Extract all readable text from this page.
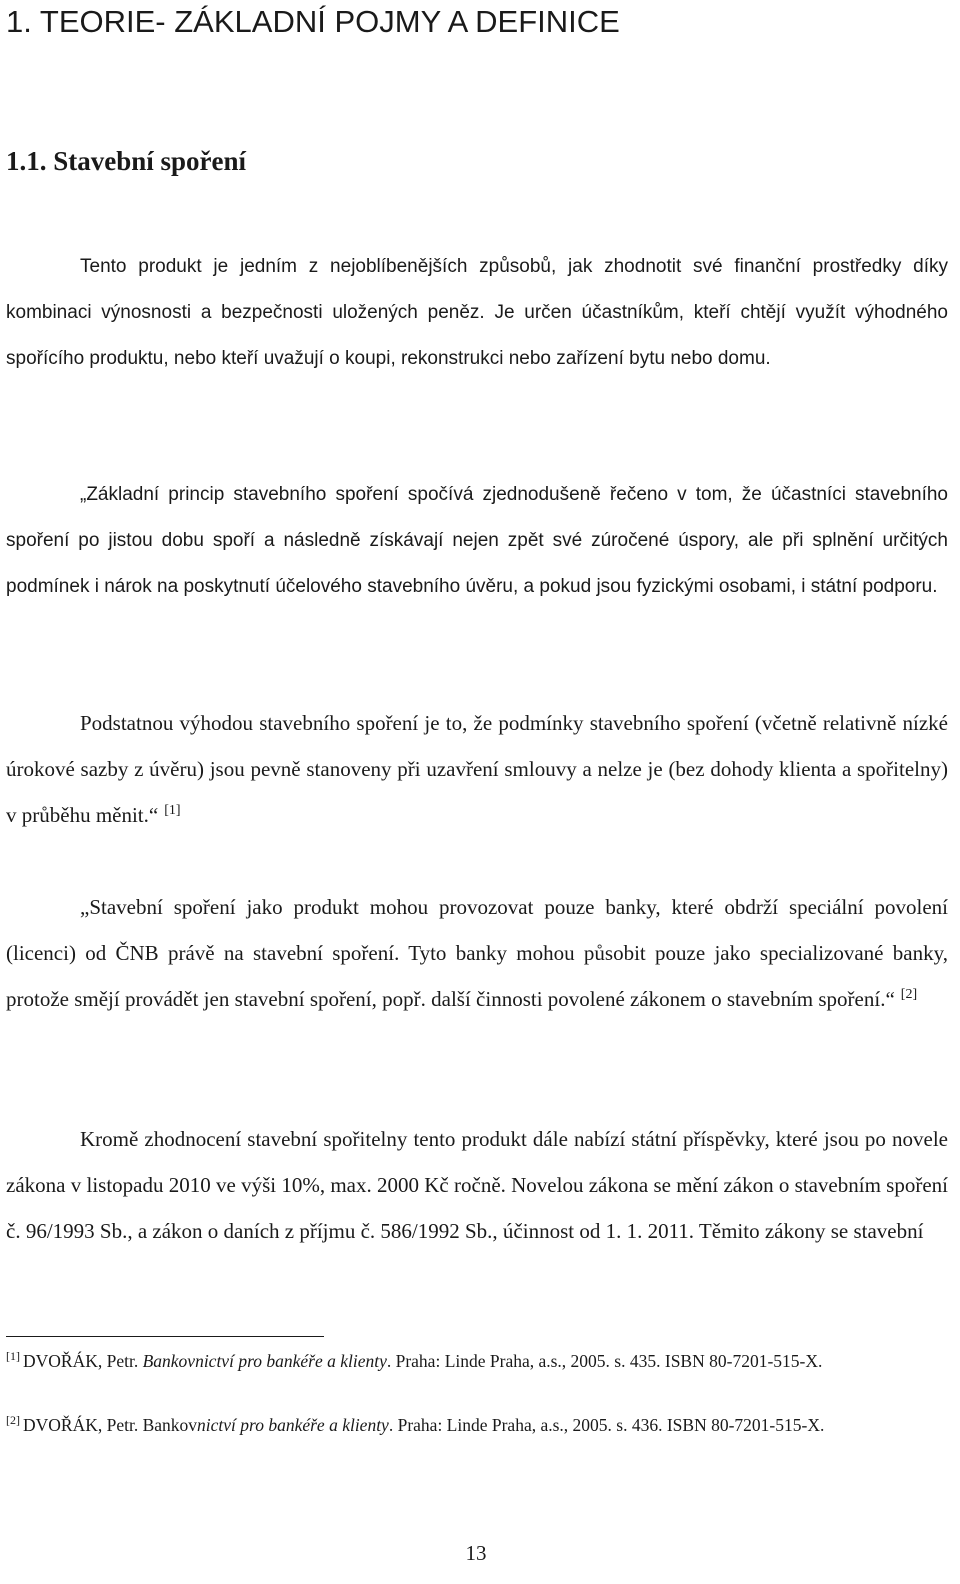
1. TEORIE- ZÁKLADNÍ POJMY A DEFINICE
1.1. Stavební spoření

Tento produkt je jedním z nejoblíbenějších způsobů, jak zhodnotit své finanční prostředky díky kombinaci výnosnosti a bezpečnosti uložených peněz. Je určen účastníkům, kteří chtějí využít výhodného spořícího produktu, nebo kteří uvažují o koupi, rekonstrukci nebo zařízení bytu nebo domu.

„Základní princip stavebního spoření spočívá zjednodušeně řečeno v tom, že účastníci stavebního spoření po jistou dobu spoří a následně získávají nejen zpět své zúročené úspory, ale při splnění určitých podmínek i nárok na poskytnutí účelového stavebního úvěru, a pokud jsou fyzickými osobami, i státní podporu.

Podstatnou výhodou stavebního spoření je to, že podmínky stavebního spoření (včetně relativně nízké úrokové sazby z úvěru) jsou pevně stanoveny při uzavření smlouvy a nelze je (bez dohody klienta a spořitelny) v průběhu měnit.“ [1]

„Stavební spoření jako produkt mohou provozovat pouze banky, které obdrží speciální povolení (licenci) od ČNB právě na stavební spoření. Tyto banky mohou působit pouze jako specializované banky, protože smějí provádět jen stavební spoření, popř. další činnosti povolené zákonem o stavebním spoření.“ [2]

Kromě zhodnocení stavební spořitelny tento produkt dále nabízí státní příspěvky, které jsou po novele zákona v listopadu 2010 ve výši 10%, max. 2000 Kč ročně. Novelou zákona se mění zákon o stavebním spoření č. 96/1993 Sb., a zákon o daních z příjmu č. 586/1992 Sb., účinnost od 1. 1. 2011. Těmito zákony se stavební

[1] DVOŘÁK, Petr. Bankovnictví pro bankéře a klienty. Praha: Linde Praha, a.s., 2005. s. 435. ISBN 80-7201-515-X.

[2] DVOŘÁK, Petr. Bankovnictví pro bankéře a klienty. Praha: Linde Praha, a.s., 2005. s. 436. ISBN 80-7201-515-X.

13
